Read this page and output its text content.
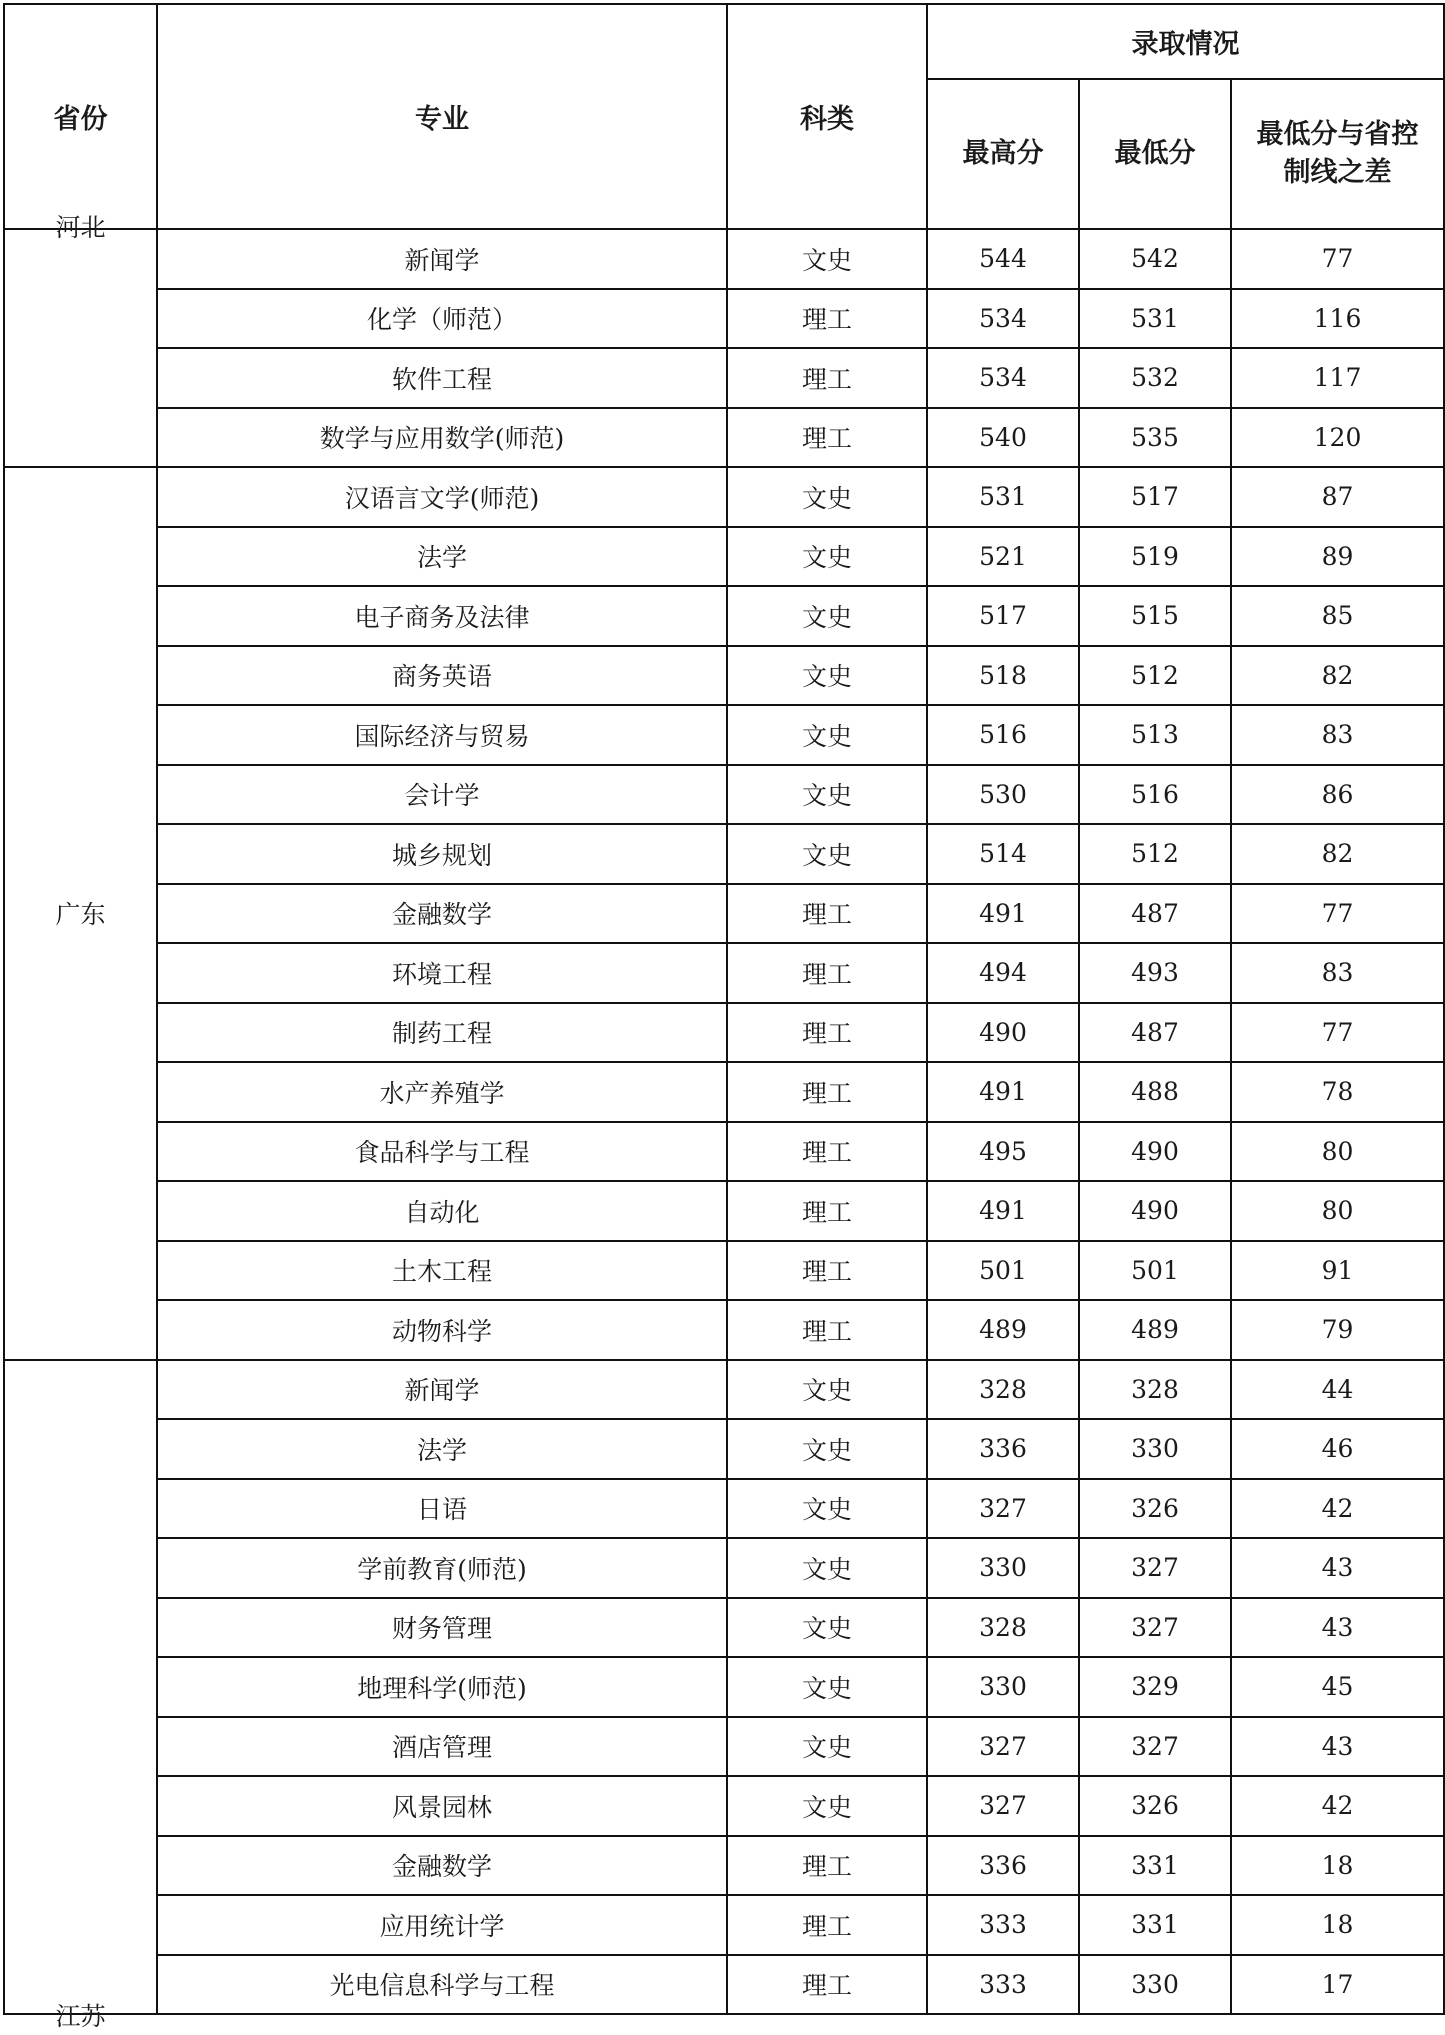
省份	专业	科类	录取情况		
			最高分	最低分	最低分与省控
制线之差

河北	新闻学	文史	544	542	77
	化学（师范）	理工	534	531	116
	软件工程	理工	534	532	117
	数学与应用数学(师范)	理工	540	535	120
广东	汉语言文学(师范)	文史	531	517	87
	法学	文史	521	519	89
	电子商务及法律	文史	517	515	85
	商务英语	文史	518	512	82
	国际经济与贸易	文史	516	513	83
	会计学	文史	530	516	86
	城乡规划	文史	514	512	82
	金融数学	理工	491	487	77
	环境工程	理工	494	493	83
	制药工程	理工	490	487	77
	水产养殖学	理工	491	488	78
	食品科学与工程	理工	495	490	80
	自动化	理工	491	490	80
	土木工程	理工	501	501	91
	动物科学	理工	489	489	79

江苏	新闻学	文史	328	328	44
	法学	文史	336	330	46
	日语	文史	327	326	42
	学前教育(师范)	文史	330	327	43
	财务管理	文史	328	327	43
	地理科学(师范)	文史	330	329	45
	酒店管理	文史	327	327	43
	风景园林	文史	327	326	42
	金融数学	理工	336	331	18
	应用统计学	理工	333	331	18
	光电信息科学与工程	理工	333	330	17
